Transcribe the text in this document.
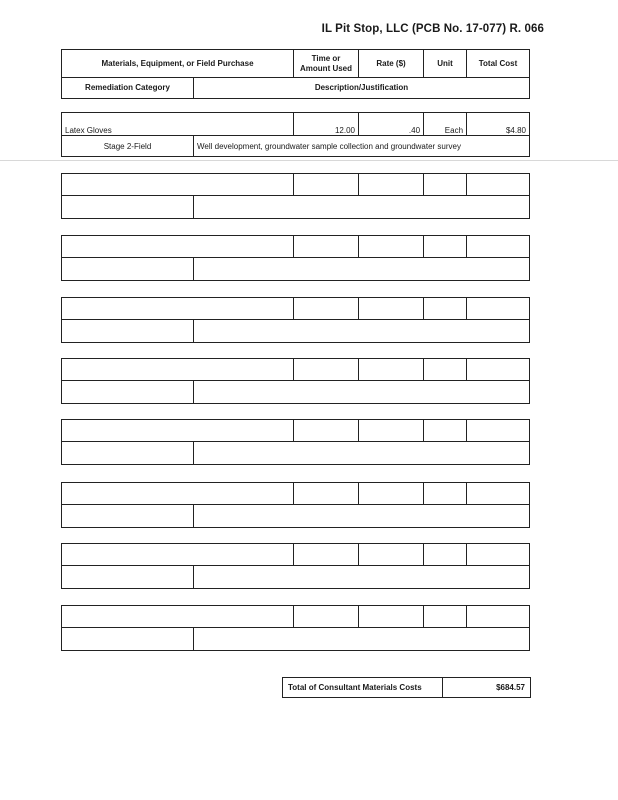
IL Pit Stop, LLC (PCB No. 17-077) R. 066
Materials, Equipment, or Field Purchase		Time or Amount Used	Rate ($)	Unit	Total Cost
Remediation Category	Description/Justification				
Latex Gloves		12.00	.40	Each	$4.80
Stage 2-Field	Well development, groundwater sample collection and groundwater survey				

Total of Consultant Materials Costs	$684.57
